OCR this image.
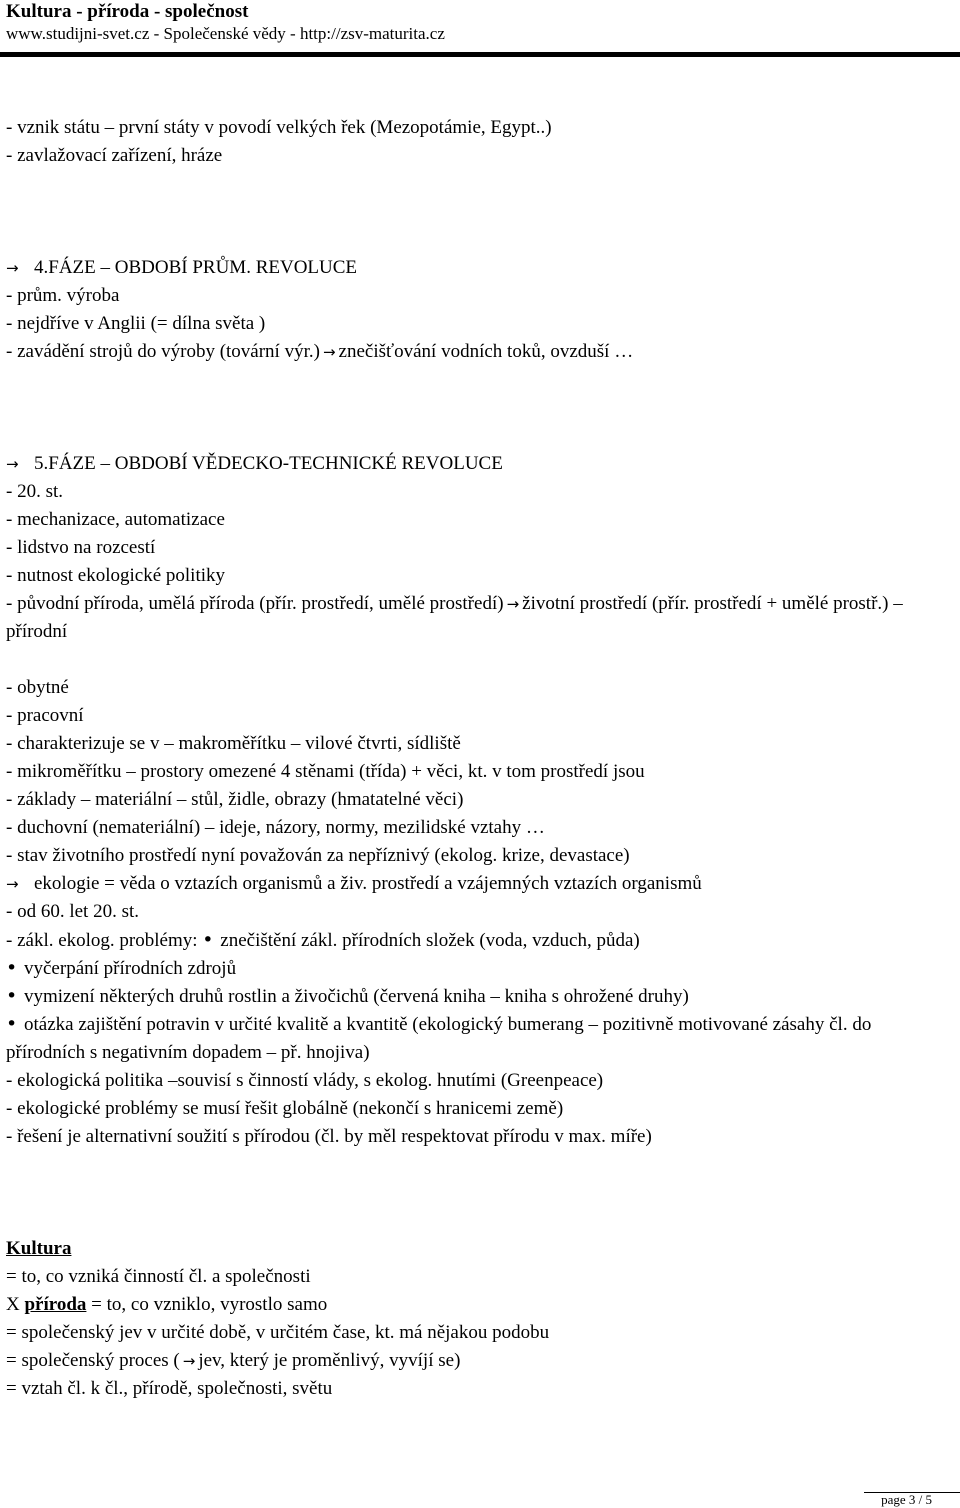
Kultura - příroda - společnost
www.studijni-svet.cz - Společenské vědy - http://zsv-maturita.cz
- vznik státu – první státy v povodí velkých řek (Mezopotámie, Egypt..)
- zavlažovací zařízení, hráze
→ 4.FÁZE – OBDOBÍ PRŮM. REVOLUCE
- prům. výroba
- nejdříve v Anglii (= dílna světa )
- zavádění strojů do výroby (tovární výr.) → znečišťování vodních toků, ovzduší …
→ 5.FÁZE – OBDOBÍ VĚDECKO-TECHNICKÉ REVOLUCE
- 20. st.
- mechanizace, automatizace
- lidstvo na rozcestí
- nutnost ekologické politiky
- původní příroda, umělá příroda (přír. prostředí, umělé prostředí) → životní prostředí (přír. prostředí + umělé prostř.) – přírodní
- obytné
- pracovní
- charakterizuje se v – makroměřítku – vilové čtvrti, sídliště
- mikroměřítku – prostory omezené 4 stěnami (třída) + věci, kt. v tom prostředí jsou
- základy – materiální – stůl, židle, obrazy (hmatatelné věci)
- duchovní (nemateriální) – ideje, názory, normy, mezilidské vztahy …
- stav životního prostředí nyní považován za nepříznivý (ekolog. krize, devastace)
→ ekologie = věda o vztazích organismů a živ. prostředí a vzájemných vztazích organismů
- od 60. let 20. st.
- zákl. ekolog. problémy: • znečištění zákl. přírodních složek (voda, vzduch, půda)
• vyčerpání přírodních zdrojů
• vymizení některých druhů rostlin a živočichů (červená kniha – kniha s ohrožené druhy)
• otázka zajištění potravin v určité kvalitě a kvantitě (ekologický bumerang – pozitivně motivované zásahy čl. do přírodních s negativním dopadem – př. hnojiva)
- ekologická politika –souvisí s činností vlády, s ekolog. hnutími (Greenpeace)
- ekologické problémy se musí řešit globálně (nekončí s hranicemi země)
- řešení je alternativní soužití s přírodou (čl. by měl respektovat přírodu v max. míře)
Kultura
= to, co vzniká činností čl. a společnosti
X příroda = to, co vzniklo, vyrostlo samo
= společenský jev v určité době, v určitém čase, kt. má nějakou podobu
= společenský proces ( → jev, který je proměnlivý, vyvíjí se)
= vztah čl. k čl., přírodě, společnosti, světu
page 3 / 5
